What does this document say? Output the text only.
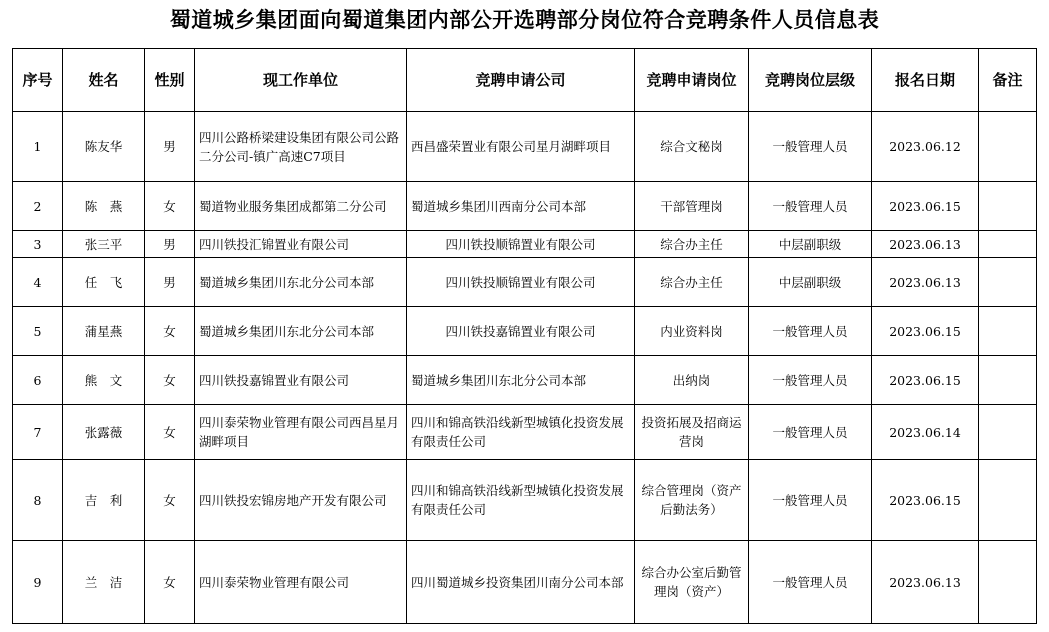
蜀道城乡集团面向蜀道集团内部公开选聘部分岗位符合竞聘条件人员信息表
序号	姓名	性别	现工作单位	竞聘申请公司	竞聘申请岗位	竞聘岗位层级	报名日期	备注
1	陈友华	男	四川公路桥梁建设集团有限公司公路二分公司-镇广高速C7项目	西昌盛荣置业有限公司星月湖畔项目	综合文秘岗	一般管理人员	2023.06.12	
2	陈　燕	女	蜀道物业服务集团成都第二分公司	蜀道城乡集团川西南分公司本部	干部管理岗	一般管理人员	2023.06.15	
3	张三平	男	四川铁投汇锦置业有限公司	四川铁投顺锦置业有限公司	综合办主任	中层副职级	2023.06.13	
4	任　飞	男	蜀道城乡集团川东北分公司本部	四川铁投顺锦置业有限公司	综合办主任	中层副职级	2023.06.13	
5	蒲星燕	女	蜀道城乡集团川东北分公司本部	四川铁投嘉锦置业有限公司	内业资料岗	一般管理人员	2023.06.15	
6	熊　文	女	四川铁投嘉锦置业有限公司	蜀道城乡集团川东北分公司本部	出纳岗	一般管理人员	2023.06.15	
7	张露薇	女	四川泰荣物业管理有限公司西昌星月湖畔项目	四川和锦高铁沿线新型城镇化投资发展有限责任公司	投资拓展及招商运营岗	一般管理人员	2023.06.14	
8	吉　利	女	四川铁投宏锦房地产开发有限公司	四川和锦高铁沿线新型城镇化投资发展有限责任公司	综合管理岗（资产后勤法务）	一般管理人员	2023.06.15	
9	兰　洁	女	四川泰荣物业管理有限公司	四川蜀道城乡投资集团川南分公司本部	综合办公室后勤管理岗（资产）	一般管理人员	2023.06.13	
